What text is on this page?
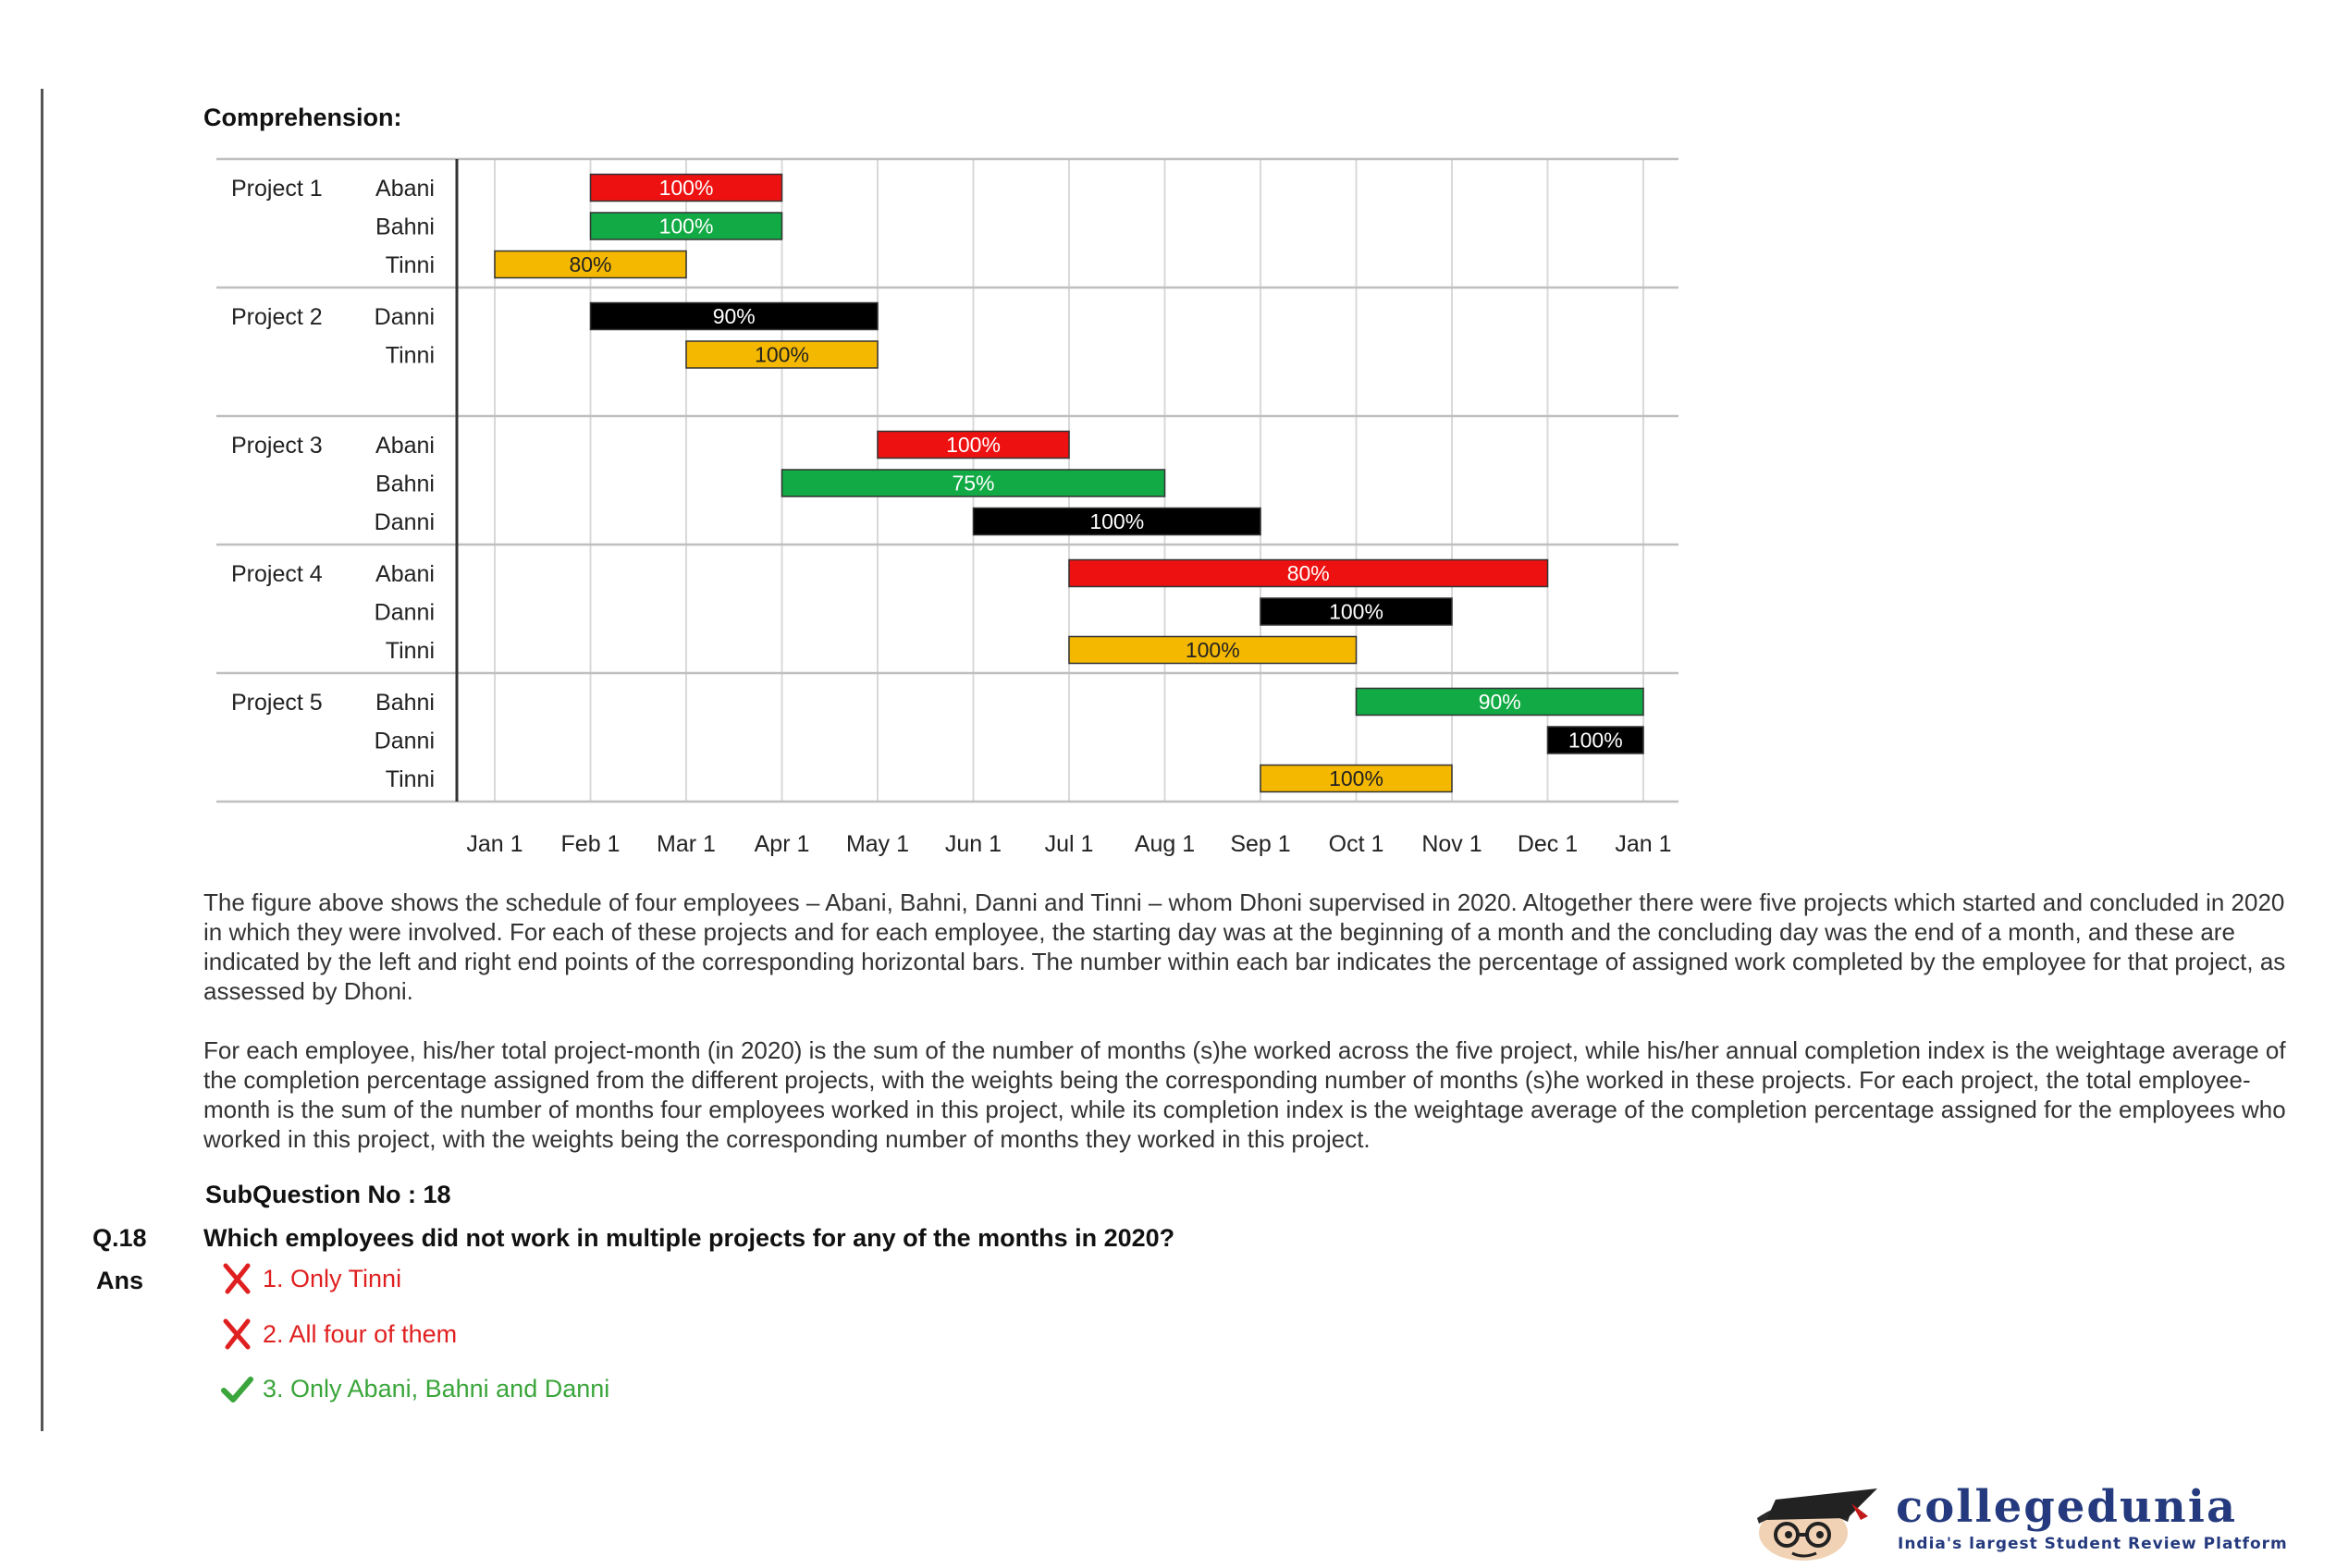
Comprehension:
Project 1 Abani	100%
Bahni	100%
Tinni	80%
Project 2 Danni	90%
Tinni	100%
Project 3 Abani	100%
Bahni	75%
Danni	100%
Project 4 Abani	80%
Danni	100%
Tinni	100%
Project 5 Bahni	90%
Danni	100%
Tinni	100%
Jan 1 Feb 1 Mar 1 Apr 1 May 1 Jun 1 Jul 1 Aug 1 Sep 1 Oct 1 Nov 1 Dec 1 Jan 1

The figure above shows the schedule of four employees – Abani, Bahni, Danni and Tinni – whom Dhoni supervised in 2020. Altogether there were five projects which started and concluded in 2020 in which they were involved. For each of these projects and for each employee, the starting day was at the beginning of a month and the concluding day was the end of a month, and these are indicated by the left and right end points of the corresponding horizontal bars. The number within each bar indicates the percentage of assigned work completed by the employee for that project, as assessed by Dhoni.

For each employee, his/her total project-month (in 2020) is the sum of the number of months (s)he worked across the five project, while his/her annual completion index is the weightage average of the completion percentage assigned from the different projects, with the weights being the corresponding number of months (s)he worked in these projects. For each project, the total employee-month is the sum of the number of months four employees worked in this project, while its completion index is the weightage average of the completion percentage assigned for the employees who worked in this project, with the weights being the corresponding number of months they worked in this project.

SubQuestion No : 18
Q.18 Which employees did not work in multiple projects for any of the months in 2020?
Ans	1. Only Tinni
2. All four of them
3. Only Abani, Bahni and Danni
collegedunia
India's largest Student Review Platform
